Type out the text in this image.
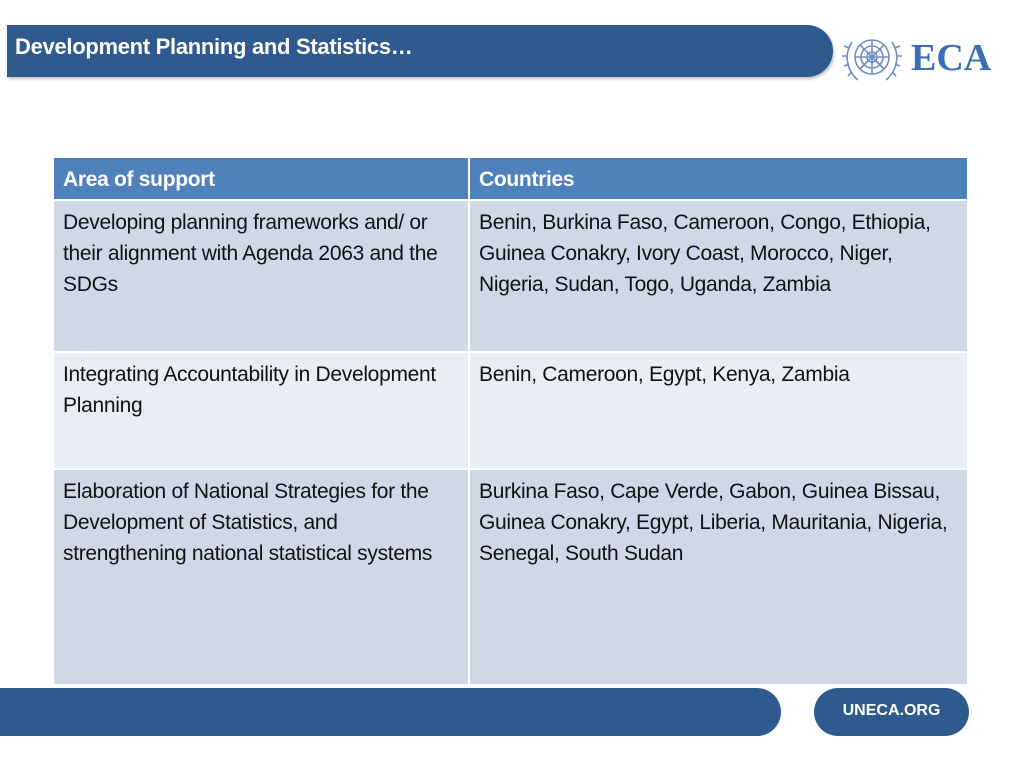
Development Planning and Statistics…	ECA
Area of support	Countries
Developing planning frameworks and/ or their alignment with Agenda 2063 and the SDGs	Benin, Burkina Faso, Cameroon, Congo, Ethiopia, Guinea Conakry, Ivory Coast, Morocco, Niger, Nigeria, Sudan, Togo, Uganda, Zambia
Integrating Accountability in Development Planning	Benin, Cameroon, Egypt, Kenya, Zambia
Elaboration of National Strategies for the Development of Statistics, and strengthening national statistical systems	Burkina Faso, Cape Verde, Gabon, Guinea Bissau, Guinea Conakry, Egypt, Liberia, Mauritania, Nigeria, Senegal, South Sudan
UNECA.ORG
